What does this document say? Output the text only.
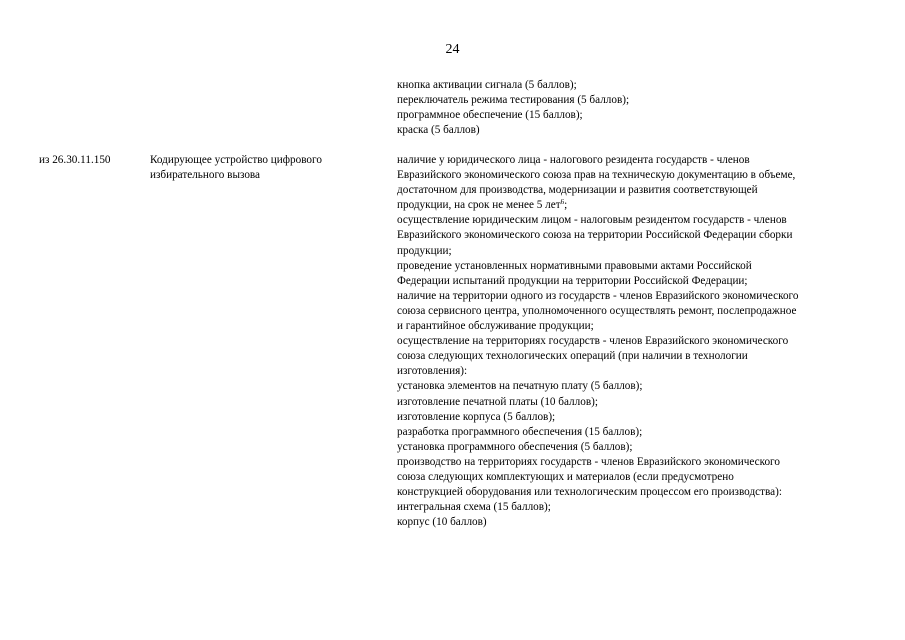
24
кнопка активации сигнала (5 баллов);
переключатель режима тестирования (5 баллов);
программное обеспечение (15 баллов);
краска (5 баллов)
из 26.30.11.150	Кодирующее устройство цифрового
избирательного вызова
наличие у юридического лица - налогового резидента государств - членов
Евразийского экономического союза прав на техническую документацию в объеме,
достаточном для производства, модернизации и развития соответствующей
продукции, на срок не менее 5 лет$^6$;
осуществление юридическим лицом - налоговым резидентом государств - членов
Евразийского экономического союза на территории Российской Федерации сборки
продукции;
проведение установленных нормативными правовыми актами Российской
Федерации испытаний продукции на территории Российской Федерации;
наличие на территории одного из государств - членов Евразийского экономического
союза сервисного центра, уполномоченного осуществлять ремонт, послепродажное
и гарантийное обслуживание продукции;
осуществление на территориях государств - членов Евразийского экономического
союза следующих технологических операций (при наличии в технологии
изготовления):
установка элементов на печатную плату (5 баллов);
изготовление печатной платы (10 баллов);
изготовление корпуса (5 баллов);
разработка программного обеспечения (15 баллов);
установка программного обеспечения (5 баллов);
производство на территориях государств - членов Евразийского экономического
союза следующих комплектующих и материалов (если предусмотрено
конструкцией оборудования или технологическим процессом его производства):
интегральная схема (15 баллов);
корпус (10 баллов)
